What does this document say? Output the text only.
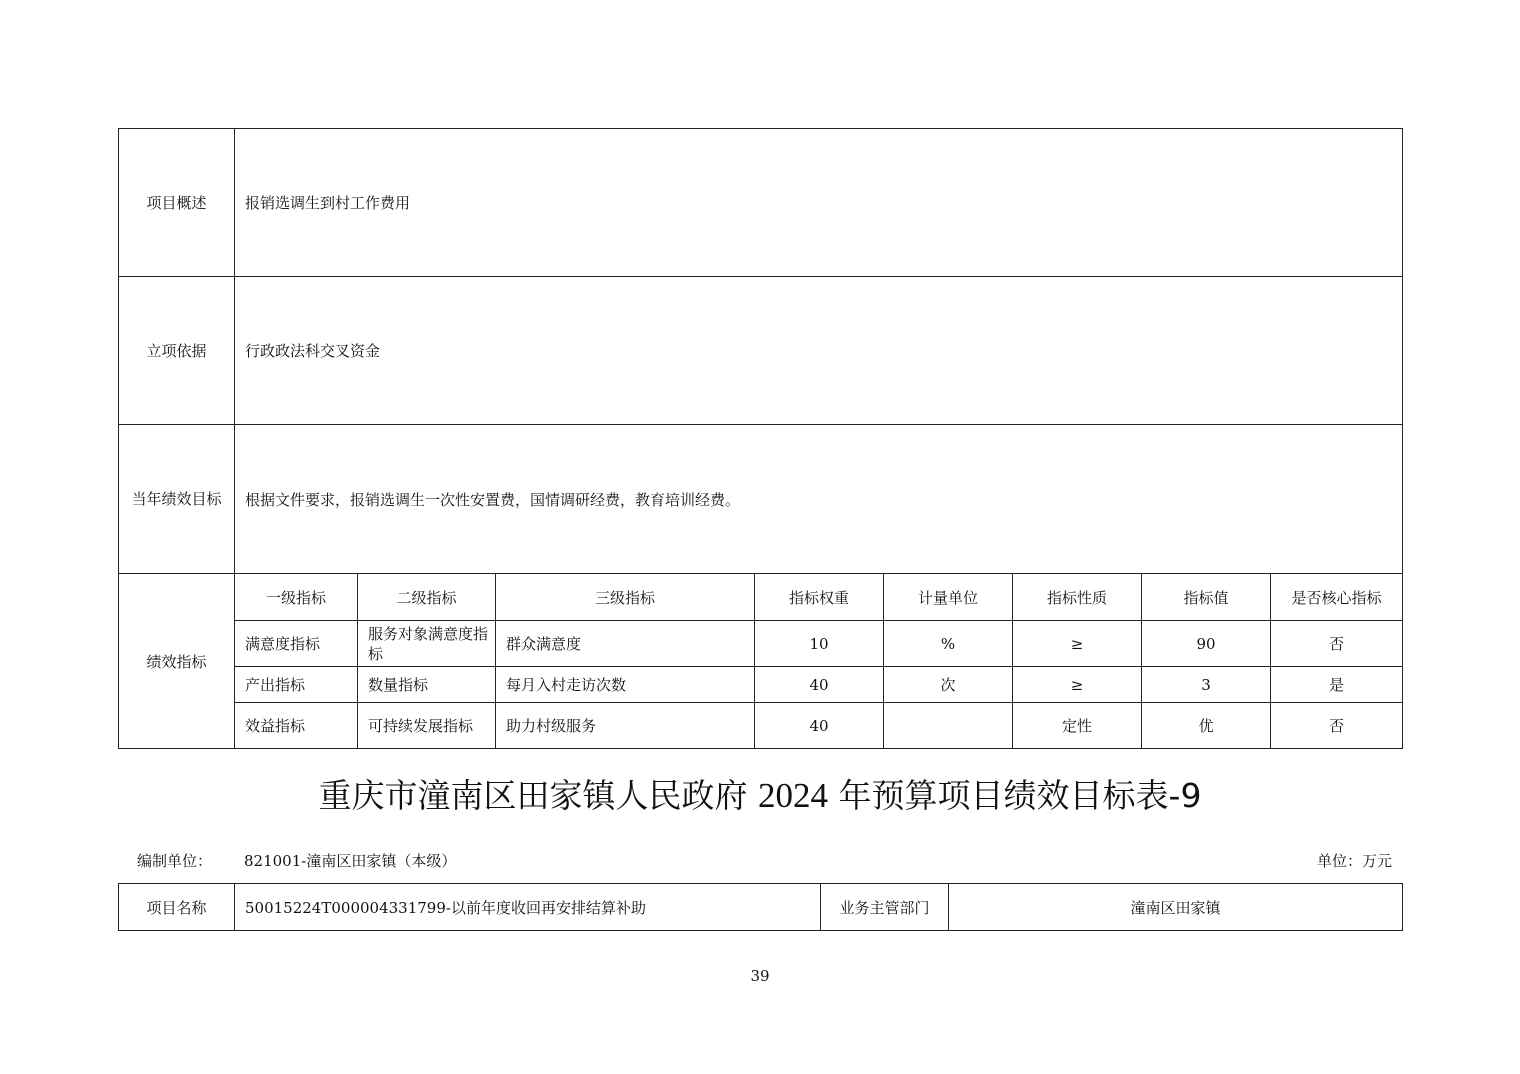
项目概述	报销选调生到村工作费用							
立项依据	行政政法科交叉资金							
当年绩效目标	根据文件要求，报销选调生一次性安置费，国情调研经费，教育培训经费。							
绩效指标	一级指标	二级指标	三级指标	指标权重	计量单位	指标性质	指标值	是否核心指标
	满意度指标	服务对象满意度指标	群众满意度	10	%	≥	90	否
	产出指标	数量指标	每月入村走访次数	40	次	≥	3	是
	效益指标	可持续发展指标	助力村级服务	40		定性	优	否
重庆市潼南区田家镇人民政府 2024 年预算项目绩效目标表-9
编制单位： 821001-潼南区田家镇（本级）	单位：万元
项目名称	50015224T000004331799-以前年度收回再安排结算补助	业务主管部门	潼南区田家镇
39
